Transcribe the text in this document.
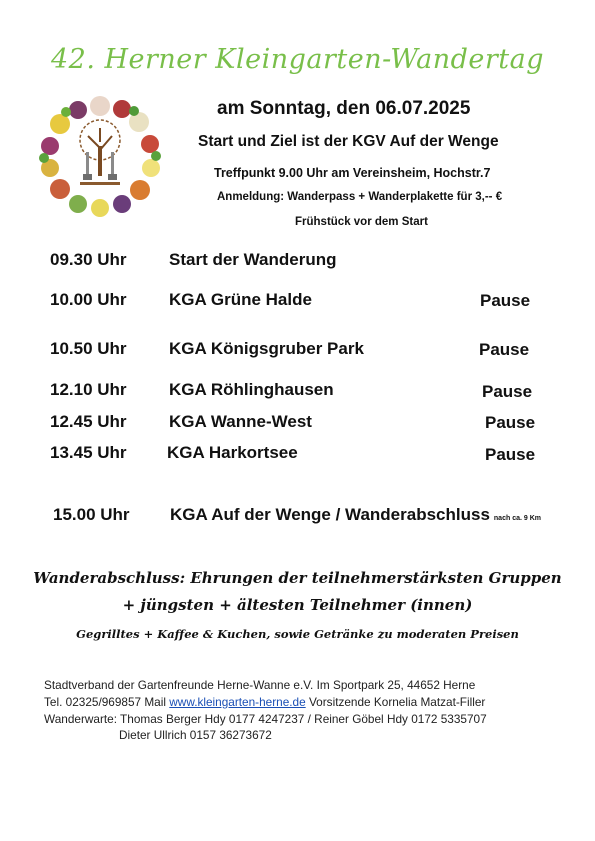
42. Herner Kleingarten-Wandertag
am Sonntag, den 06.07.2025
Start und Ziel ist der KGV Auf der Wenge
Treffpunkt 9.00 Uhr am Vereinsheim, Hochstr.7
Anmeldung: Wanderpass + Wanderplakette für 3,-- €
Frühstück vor dem Start
09.30 Uhr Start der Wanderung
10.00 Uhr KGA Grüne Halde	Pause
10.50 Uhr KGA Königsgruber Park	Pause
12.10 Uhr KGA Röhlinghausen	Pause
12.45 Uhr KGA Wanne-West	Pause
13.45 Uhr KGA Harkortsee	Pause
15.00 Uhr KGA Auf der Wenge / Wanderabschluss nach ca. 9 Km
Wanderabschluss: Ehrungen der teilnehmerstärksten Gruppen
+ jüngsten + ältesten Teilnehmer (innen)
Gegrilltes + Kaffee & Kuchen, sowie Getränke zu moderaten Preisen
Stadtverband der Gartenfreunde Herne-Wanne e.V. Im Sportpark 25, 44652 Herne
Tel. 02325/969857 Mail www.kleingarten-herne.de Vorsitzende Kornelia Matzat-Filler
Wanderwarte: Thomas Berger Hdy 0177 4247237 / Reiner Göbel Hdy 0172 5335707
Dieter Ullrich 0157 36273672
